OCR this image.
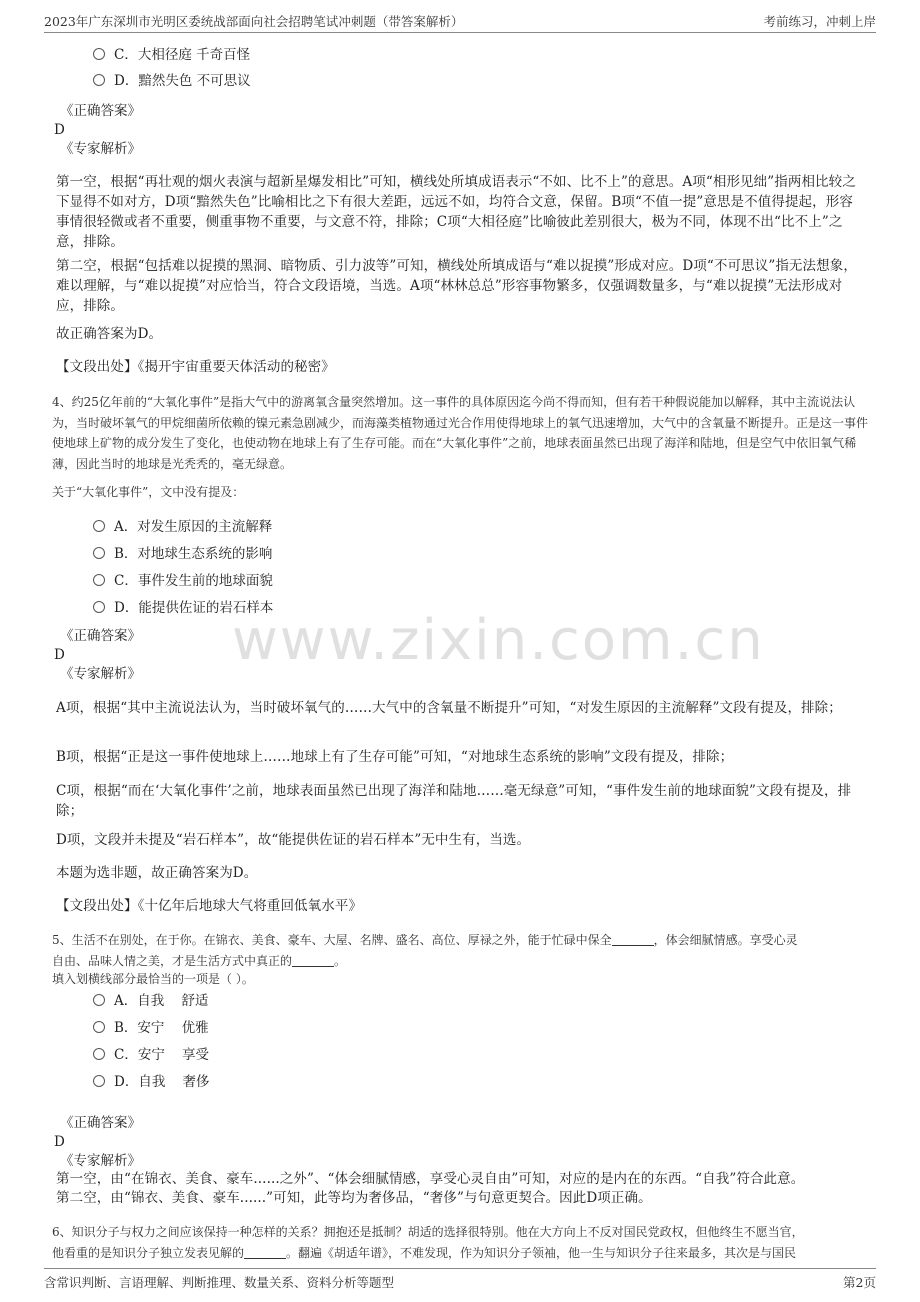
2023年广东深圳市光明区委统战部面向社会招聘笔试冲刺题（带答案解析）	考前练习，冲刺上岸
C．大相径庭 千奇百怪
D．黯然失色 不可思议
《正确答案》
D
《专家解析》
第一空，根据“再壮观的烟火表演与超新星爆发相比”可知，横线处所填成语表示“不如、比不上”的意思。A项“相形见绌”指两相比较之下显得不如对方，D项“黯然失色”比喻相比之下有很大差距，远远不如，均符合文意，保留。B项“不值一提”意思是不值得提起，形容事情很轻微或者不重要，侧重事物不重要，与文意不符，排除；C项“大相径庭”比喻彼此差别很大，极为不同，体现不出“比不上”之意，排除。
第二空，根据“包括难以捉摸的黑洞、暗物质、引力波等”可知，横线处所填成语与“难以捉摸”形成对应。D项“不可思议”指无法想象，难以理解，与“难以捉摸”对应恰当，符合文段语境，当选。A项“林林总总”形容事物繁多，仅强调数量多，与“难以捉摸”无法形成对应，排除。
故正确答案为D。
【文段出处】《揭开宇宙重要天体活动的秘密》
4、约25亿年前的“大氧化事件”是指大气中的游离氧含量突然增加。这一事件的具体原因迄今尚不得而知，但有若干种假说能加以解释，其中主流说法认为，当时破坏氧气的甲烷细菌所依赖的镍元素急剧减少，而海藻类植物通过光合作用使得地球上的氧气迅速增加，大气中的含氧量不断提升。正是这一事件使地球上矿物的成分发生了变化，也使动物在地球上有了生存可能。而在“大氧化事件”之前，地球表面虽然已出现了海洋和陆地，但是空气中依旧氧气稀薄，因此当时的地球是光秃秃的，毫无绿意。
关于“大氧化事件”，文中没有提及：
A．对发生原因的主流解释
B．对地球生态系统的影响
C．事件发生前的地球面貌
D．能提供佐证的岩石样本
www.zixin.com.cn
《正确答案》
D
《专家解析》
A项，根据“其中主流说法认为，当时破坏氧气的……大气中的含氧量不断提升”可知，“对发生原因的主流解释”文段有提及，排除；
B项，根据“正是这一事件使地球上……地球上有了生存可能”可知，“对地球生态系统的影响”文段有提及，排除；
C项，根据“而在‘大氧化事件’之前，地球表面虽然已出现了海洋和陆地……毫无绿意”可知，“事件发生前的地球面貌”文段有提及，排除；
D项，文段并未提及“岩石样本”，故“能提供佐证的岩石样本”无中生有，当选。
本题为选非题，故正确答案为D。
【文段出处】《十亿年后地球大气将重回低氧水平》
5、生活不在别处，在于你。在锦衣、美食、豪车、大屋、名牌、盛名、高位、厚禄之外，能于忙碌中保全	，体会细腻情感。享受心灵
自由、品味人情之美，才是生活方式中真正的	。
填入划横线部分最恰当的一项是（ ）。
A．自我    舒适
B．安宁    优雅
C．安宁    享受
D．自我    奢侈
《正确答案》
D
《专家解析》
第一空，由“在锦衣、美食、豪车......之外”、“体会细腻情感，享受心灵自由”可知，对应的是内在的东西。“自我”符合此意。
第二空，由“锦衣、美食、豪车......”可知，此等均为奢侈品，“奢侈”与句意更契合。因此D项正确。
6、知识分子与权力之间应该保持一种怎样的关系？拥抱还是抵制？胡适的选择很特别。他在大方向上不反对国民党政权，但他终生不愿当官，
他看重的是知识分子独立发表见解的	。翻遍《胡适年谱》，不难发现，作为知识分子领袖，他一生与知识分子往来最多，其次是与国民
含常识判断、言语理解、判断推理、数量关系、资料分析等题型	第2页
